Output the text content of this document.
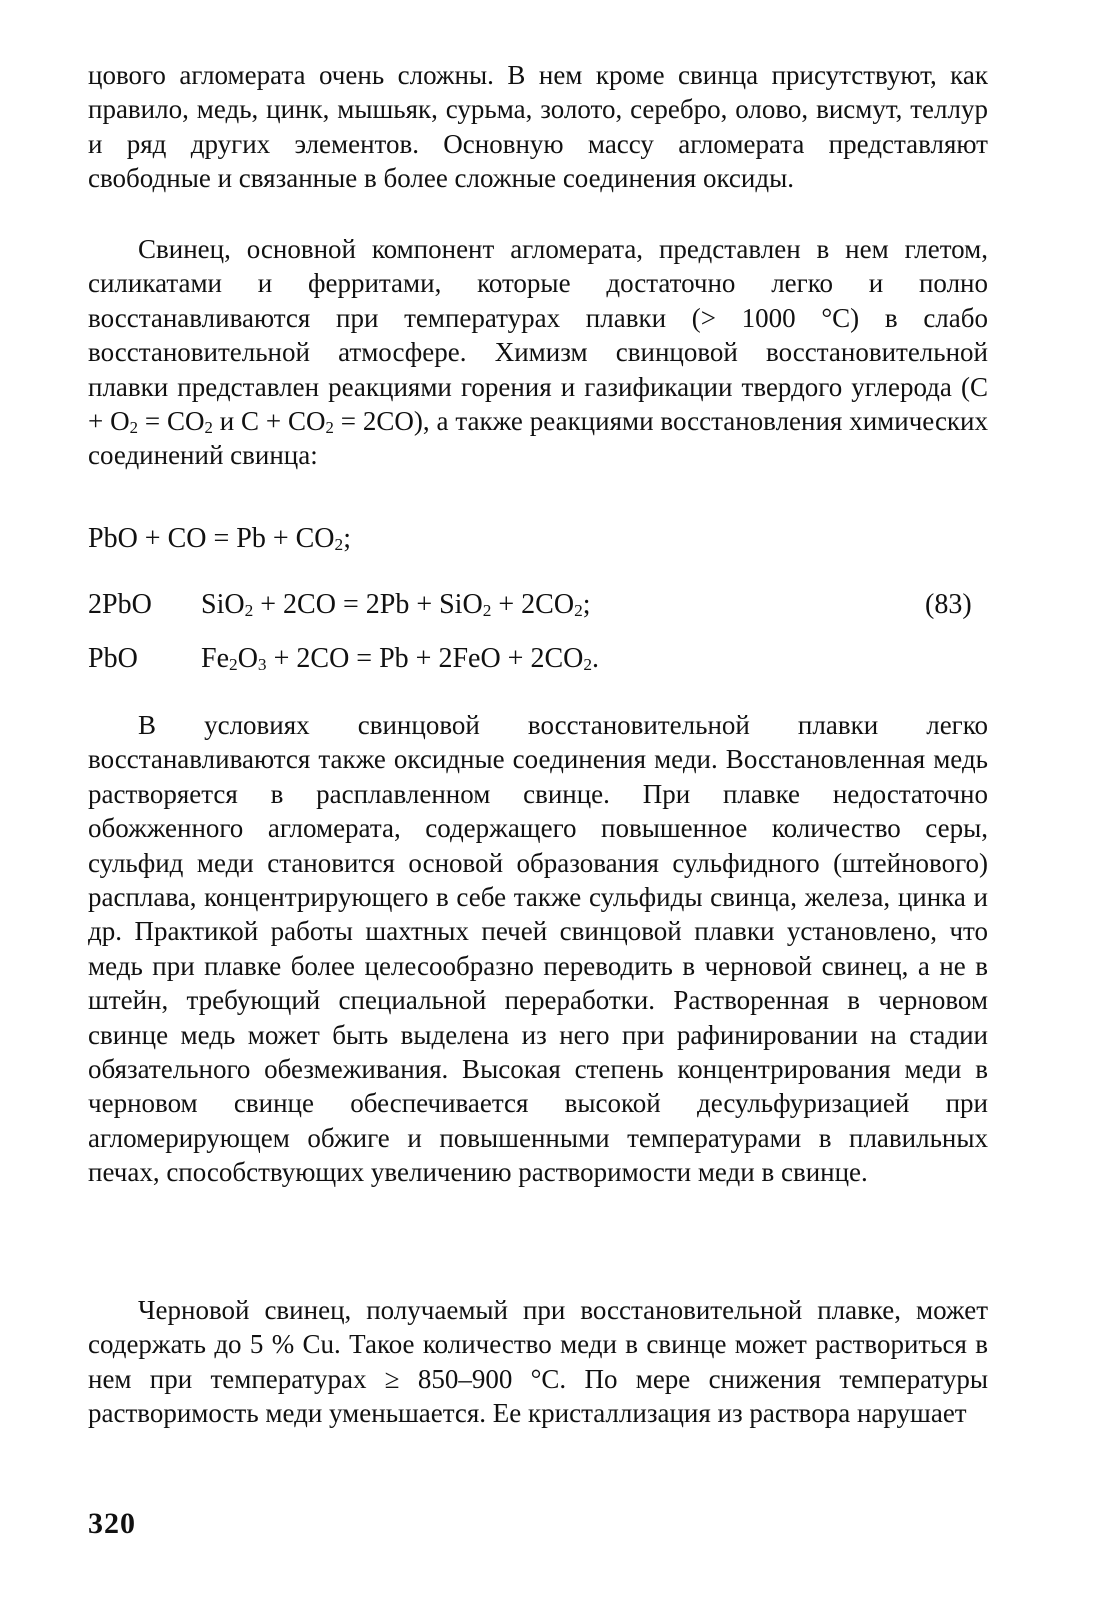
цового агломерата очень сложны. В нем кроме свинца присутствуют, как правило, медь, цинк, мышьяк, сурьма, золото, серебро, олово, висмут, теллур и ряд других элементов. Основную массу агломерата представляют свободные и связанные в более сложные соединения оксиды.
Свинец, основной компонент агломерата, представлен в нем глетом, силикатами и ферритами, которые достаточно легко и полно восстанавливаются при температурах плавки (> 1000 °C) в слабо восстановительной атмосфере. Химизм свинцовой восстановительной плавки представлен реакциями горения и газификации твердого углерода ($C + O_2 = CO_2$ и $C + CO_2 = 2CO$), а также реакциями восстановления химических соединений свинца:
PbO + CO = $Pb + CO_2$;
2PbO $SiO_2 + 2CO = 2Pb + SiO_2 + 2CO_2$;	(83)
PbO $Fe_2O_3 + 2CO = Pb + 2FeO + 2CO_2$.
В условиях свинцовой восстановительной плавки легко восстанавливаются также оксидные соединения меди. Восстановленная медь растворяется в расплавленном свинце. При плавке недостаточно обожженного агломерата, содержащего повышенное количество серы, сульфид меди становится основой образования сульфидного (штейнового) расплава, концентрирующего в себе также сульфиды свинца, железа, цинка и др. Практикой работы шахтных печей свинцовой плавки установлено, что медь при плавке более целесообразно переводить в черновой свинец, а не в штейн, требующий специальной переработки. Растворенная в черновом свинце медь может быть выделена из него при рафинировании на стадии обязательного обезмеживания. Высокая степень концентрирования меди в черновом свинце обеспечивается высокой десульфуризацией при агломерирующем обжиге и повышенными температурами в плавильных печах, способствующих увеличению растворимости меди в свинце.
Черновой свинец, получаемый при восстановительной плавке, может содержать до 5 % Cu. Такое количество меди в свинце может раствориться в нем при температурах ≥ 850–900 °C. По мере снижения температуры растворимость меди уменьшается. Ее кристаллизация из раствора нарушает
320
